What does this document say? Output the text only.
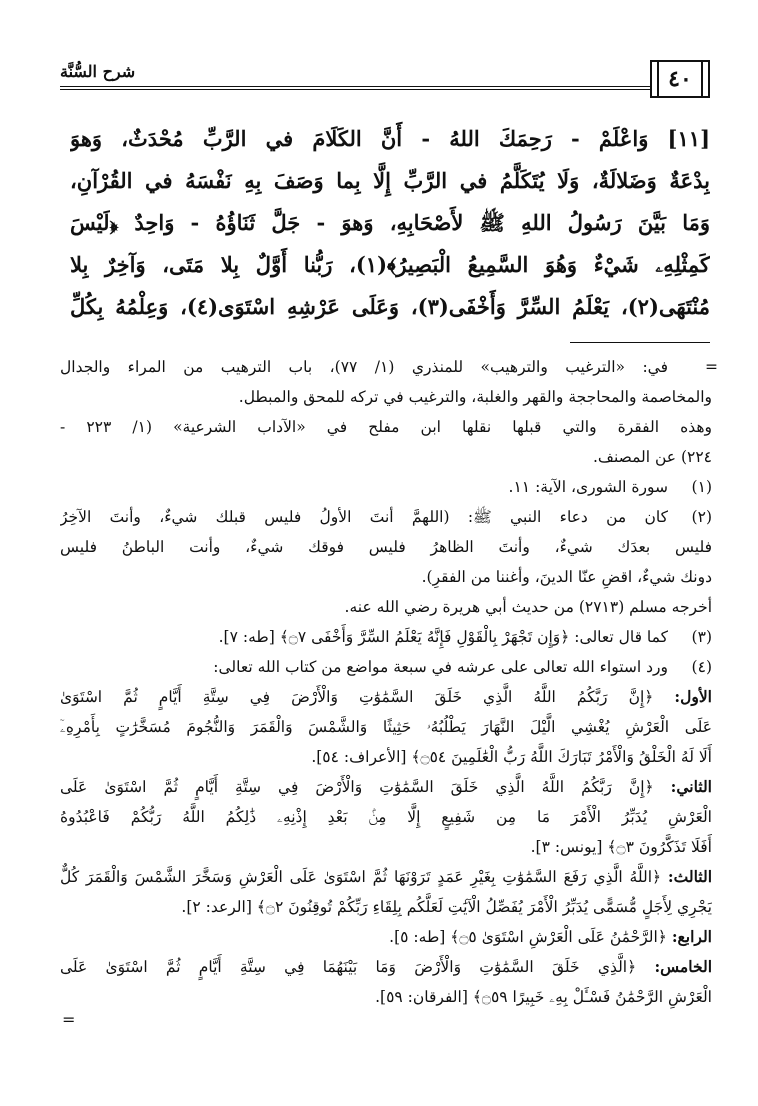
شرح السُّنَّة	٤٠
[١١] وَاعْلَمْ - رَحِمَكَ اللهُ - أَنَّ الكَلَامَ في الرَّبِّ مُحْدَثٌ، وَهوَ
بِدْعَةٌ وَضَلالَةٌ، وَلَا يُتَكَلَّمُ في الرَّبِّ إِلَّا بِما وَصَفَ بِهِ نَفْسَهُ في القُرْآنِ،
وَمَا بَيَّنَ رَسُولُ اللهِ ﷺ لأَصْحَابِهِ، وَهوَ - جَلَّ ثَنَاؤُهُ - وَاحِدٌ ﴿لَيْسَ
كَمِثْلِهِۦ شَيْءٌ وَهُوَ السَّمِيعُ الْبَصِيرُ﴾(١)، رَبُّنا أَوَّلٌ بِلا مَتَى، وَآخِرٌ بِلا
مُنْتَهَى(٢)، يَعْلَمُ السِّرَّ وَأَخْفَى(٣)، وَعَلَى عَرْشِهِ اسْتَوَى(٤)، وَعِلْمُهُ بِكُلِّ
=
في: «الترغيب والترهيب» للمنذري (١/ ٧٧)، باب الترهيب من المراء والجدال
والمخاصمة والمحاججة والقهر والغلبة، والترغيب في تركه للمحق والمبطل.
وهذه الفقرة والتي قبلها نقلها ابن مفلح في «الآداب الشرعية» (١/ ٢٢٣ -
٢٢٤) عن المصنف.
(١)
سورة الشورى، الآية: ١١.
(٢)
كان من دعاء النبي ﷺ: (اللهمَّ أنتَ الأولُ فليس قبلك شيءٌ، وأنتَ الآخِرُ
فليس بعدَك شيءٌ، وأنتَ الظاهرُ فليس فوقك شيءٌ، وأنت الباطنُ فليس
دونك شيءٌ، اقضِ عنّا الدينَ، وأغننا من الفقرِ).
أخرجه مسلم (٢٧١٣) من حديث أبي هريرة رضي الله عنه.
(٣)
كما قال تعالى: ﴿وَإِن تَجْهَرْ بِالْقَوْلِ فَإِنَّهُ يَعْلَمُ السِّرَّ وَأَخْفَى ۝٧﴾ [طه: ٧].
(٤)
ورد استواء الله تعالى على عرشه في سبعة مواضع من كتاب الله تعالى:
الأول: ﴿إِنَّ رَبَّكُمُ اللَّهُ الَّذِي خَلَقَ السَّمَٰوَٰتِ وَالْأَرْضَ فِي سِتَّةِ أَيَّامٍ ثُمَّ اسْتَوَىٰ
عَلَى الْعَرْشِ يُغْشِي الَّيْلَ النَّهَارَ يَطْلُبُهُۥ حَثِيثًا وَالشَّمْسَ وَالْقَمَرَ وَالنُّجُومَ مُسَخَّرَٰتٍ بِأَمْرِهِۦٓ
أَلَا لَهُ الْخَلْقُ وَالْأَمْرُ تَبَارَكَ اللَّهُ رَبُّ الْعَٰلَمِينَ ۝٥٤﴾ [الأعراف: ٥٤].
الثاني: ﴿إِنَّ رَبَّكُمُ اللَّهُ الَّذِي خَلَقَ السَّمَٰوَٰتِ وَالْأَرْضَ فِي سِتَّةِ أَيَّامٍ ثُمَّ اسْتَوَىٰ عَلَى
الْعَرْشِ يُدَبِّرُ الْأَمْرَ مَا مِن شَفِيعٍ إِلَّا مِنۢ بَعْدِ إِذْنِهِۦ ذَٰلِكُمُ اللَّهُ رَبُّكُمْ فَاعْبُدُوهُ
أَفَلَا تَذَكَّرُونَ ۝٣﴾ [يونس: ٣].
الثالث: ﴿اللَّهُ الَّذِي رَفَعَ السَّمَٰوَٰتِ بِغَيْرِ عَمَدٍ تَرَوْنَهَا ثُمَّ اسْتَوَىٰ عَلَى الْعَرْشِ وَسَخَّرَ الشَّمْسَ وَالْقَمَرَ كُلٌّ
يَجْرِي لِأَجَلٍ مُّسَمًّى يُدَبِّرُ الْأَمْرَ يُفَصِّلُ الْآيَٰتِ لَعَلَّكُم بِلِقَاءِ رَبِّكُمْ تُوقِنُونَ ۝٢﴾ [الرعد: ٢].
الرابع: ﴿الرَّحْمَٰنُ عَلَى الْعَرْشِ اسْتَوَىٰ ۝٥﴾ [طه: ٥].
الخامس: ﴿الَّذِي خَلَقَ السَّمَٰوَٰتِ وَالْأَرْضَ وَمَا بَيْنَهُمَا فِي سِتَّةِ أَيَّامٍ ثُمَّ اسْتَوَىٰ عَلَى
الْعَرْشِ الرَّحْمَٰنُ فَسْـَٔلْ بِهِۦ خَبِيرًا ۝٥٩﴾ [الفرقان: ٥٩].
=
